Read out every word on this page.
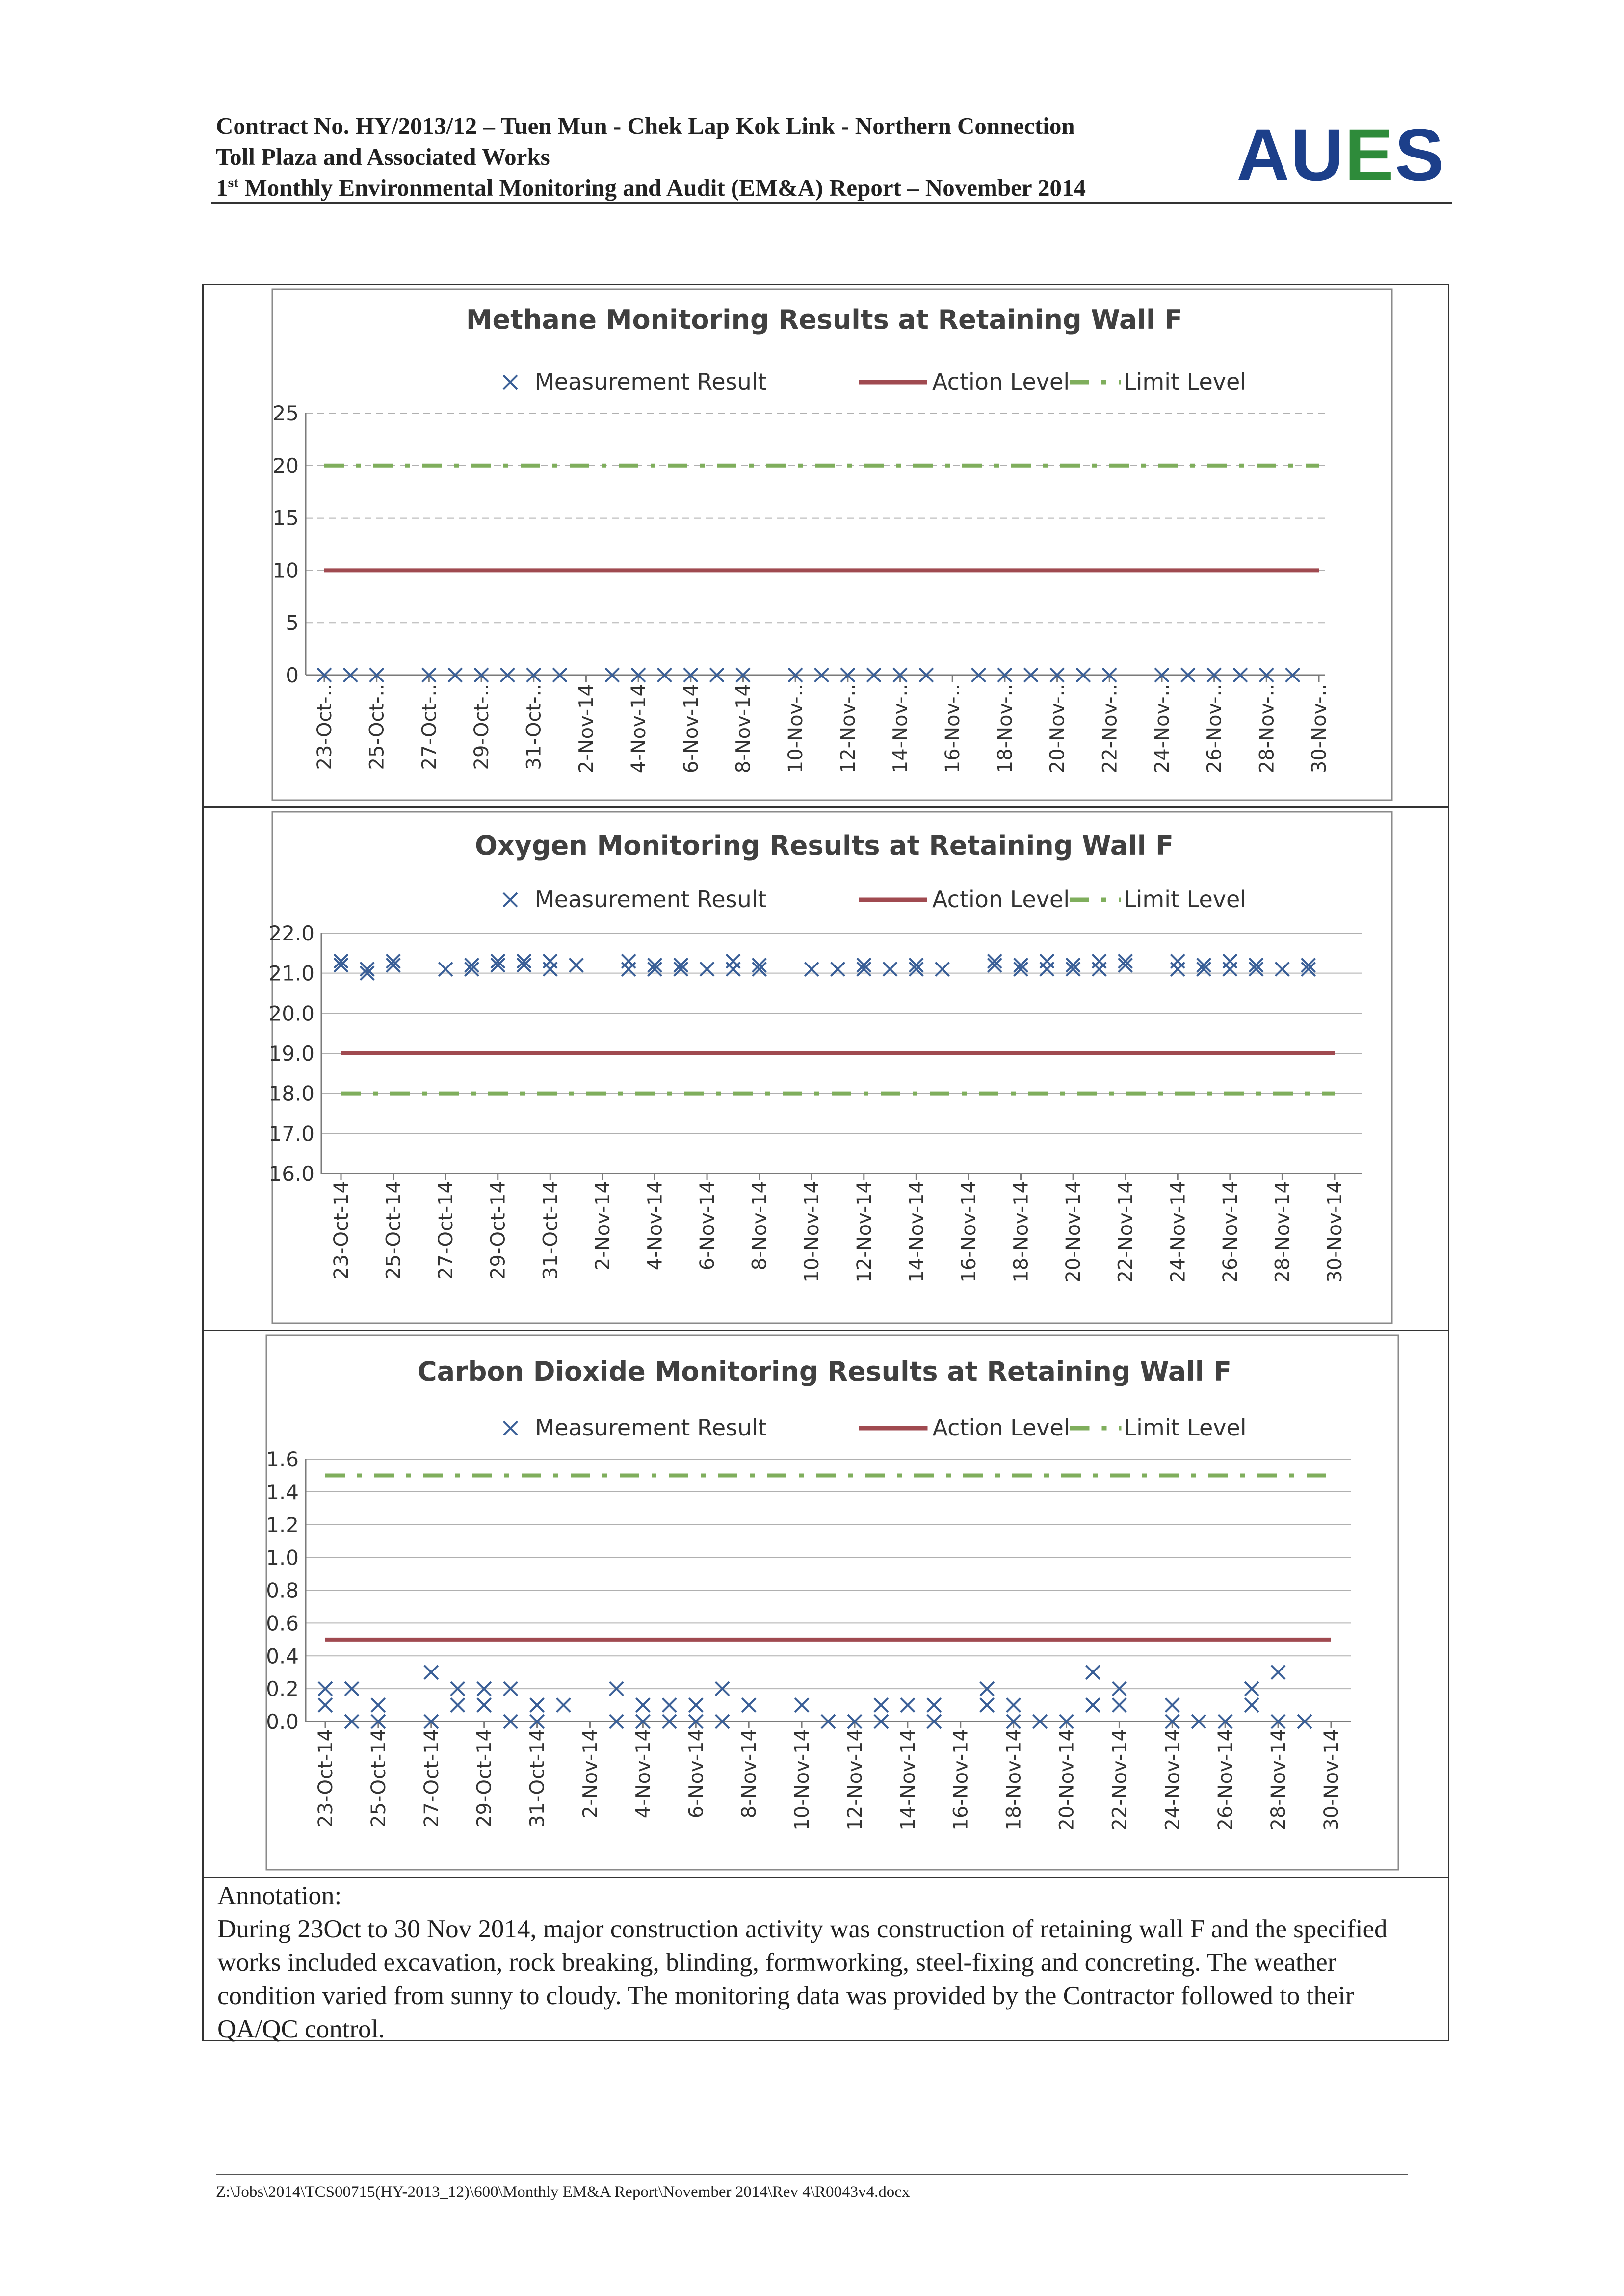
Contract No. HY/2013/12 – Tuen Mun - Chek Lap Kok Link - Northern Connection
Toll Plaza and Associated Works
1st Monthly Environmental Monitoring and Audit (EM&A) Report – November 2014	AUES
Methane Monitoring Results at Retaining Wall F
Measurement Result	Action Level Limit Level
0
5
10
15
20
25
23-Oct-.. 25-Oct-.. 27-Oct-.. 29-Oct-.. 31-Oct-.. 2-Nov-14 4-Nov-14 6-Nov-14 8-Nov-14 10-Nov-.. 12-Nov-.. 14-Nov-.. 16-Nov-.. 18-Nov-.. 20-Nov-.. 22-Nov-.. 24-Nov-.. 26-Nov-.. 28-Nov-.. 30-Nov-..
Oxygen Monitoring Results at Retaining Wall F
Measurement Result	Action Level Limit Level
16.0
17.0
18.0
19.0
20.0
21.0
22.0
23-Oct-14 25-Oct-14 27-Oct-14 29-Oct-14 31-Oct-14 2-Nov-14 4-Nov-14 6-Nov-14 8-Nov-14 10-Nov-14 12-Nov-14 14-Nov-14 16-Nov-14 18-Nov-14 20-Nov-14 22-Nov-14 24-Nov-14 26-Nov-14 28-Nov-14 30-Nov-14
Carbon Dioxide Monitoring Results at Retaining Wall F
Measurement Result	Action Level Limit Level
0.0
0.2
0.4
0.6
0.8
1.0
1.2
1.4
1.6
23-Oct-14 25-Oct-14 27-Oct-14 29-Oct-14 31-Oct-14 2-Nov-14 4-Nov-14 6-Nov-14 8-Nov-14 10-Nov-14 12-Nov-14 14-Nov-14 16-Nov-14 18-Nov-14 20-Nov-14 22-Nov-14 24-Nov-14 26-Nov-14 28-Nov-14 30-Nov-14

Annotation:

During 23Oct to 30 Nov 2014, major construction activity was construction of retaining wall F and the specified works included excavation, rock breaking, blinding, formworking, steel-fixing and concreting. The weather condition varied from sunny to cloudy. The monitoring data was provided by the Contractor followed to their QA/QC control.

Z:\Jobs\2014\TCS00715(HY-2013_12)\600\Monthly EM&A Report\November 2014\Rev 4\R0043v4.docx
